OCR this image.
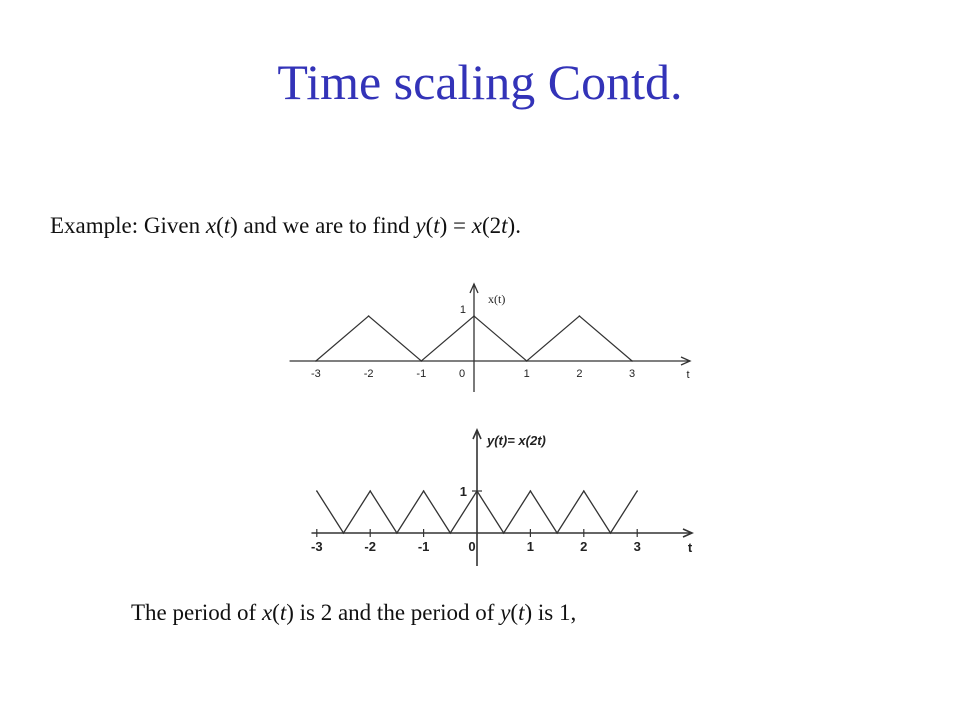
Time scaling Contd.
Example: Given x(t) and we are to find y(t) = x(2t).
-3	-2	-1	0	1	2	3
1
t
x(t)
-3	-2	-1	0	1	2	3
1
t
y(t)= x(2t)
The period of x(t) is 2 and the period of y(t) is 1,
